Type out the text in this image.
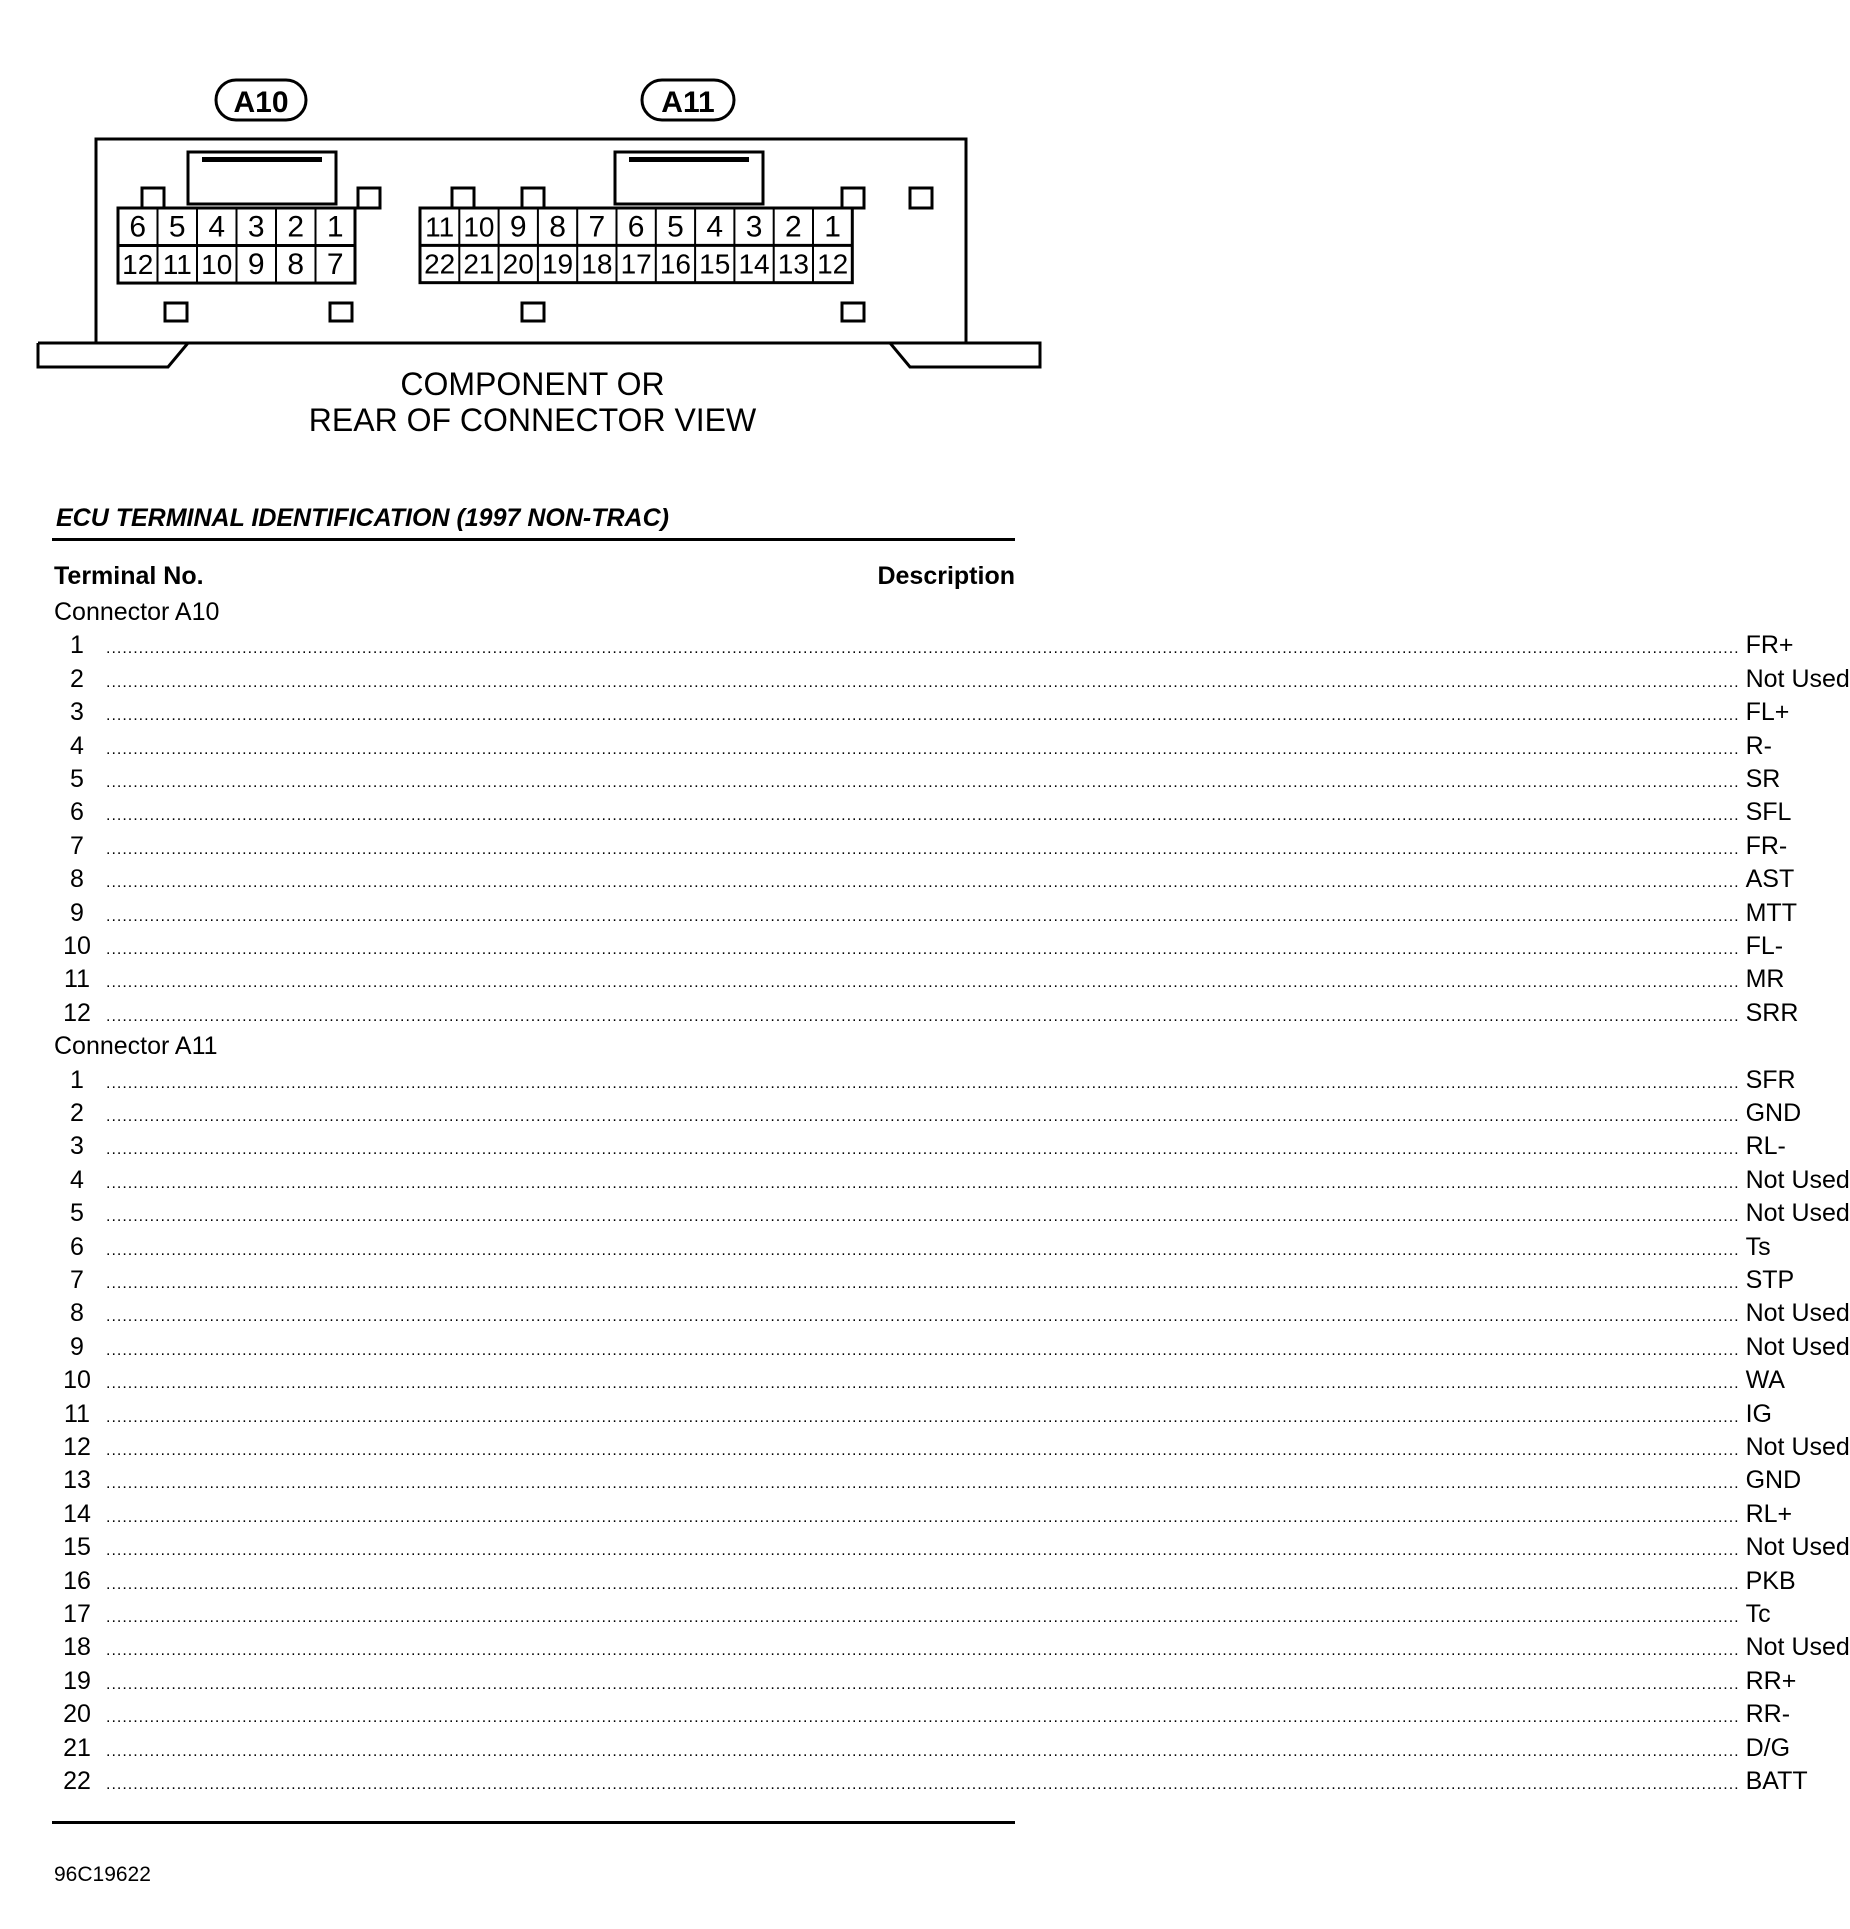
6 5 4 3 2 1
12 11 10 9 8 7
A10
11 10 9 8 7 6 5 4 3 2 1
22 21 20 19 18 17 16 15 14 13 12
A11
COMPONENT OR
REAR OF CONNECTOR VIEW
ECU TERMINAL IDENTIFICATION (1997 NON-TRAC)
Terminal No.	Description
Connector A10
1	............................................................................................................................................................................................................................................................................................................ FR+
2	............................................................................................................................................................................................................................................................................................................ Not Used
3	............................................................................................................................................................................................................................................................................................................ FL+
4	............................................................................................................................................................................................................................................................................................................ R-
5	............................................................................................................................................................................................................................................................................................................ SR
6	............................................................................................................................................................................................................................................................................................................ SFL
7	............................................................................................................................................................................................................................................................................................................ FR-
8	............................................................................................................................................................................................................................................................................................................ AST
9	............................................................................................................................................................................................................................................................................................................ MTT
10 ............................................................................................................................................................................................................................................................................................................ FL-
11	............................................................................................................................................................................................................................................................................................................ MR
12 ............................................................................................................................................................................................................................................................................................................ SRR
Connector A11
1	............................................................................................................................................................................................................................................................................................................ SFR
2	............................................................................................................................................................................................................................................................................................................ GND
3	............................................................................................................................................................................................................................................................................................................ RL-
4	............................................................................................................................................................................................................................................................................................................ Not Used
5	............................................................................................................................................................................................................................................................................................................ Not Used
6	............................................................................................................................................................................................................................................................................................................ Ts
7	............................................................................................................................................................................................................................................................................................................ STP
8	............................................................................................................................................................................................................................................................................................................ Not Used
9	............................................................................................................................................................................................................................................................................................................ Not Used
10 ............................................................................................................................................................................................................................................................................................................ WA
11	............................................................................................................................................................................................................................................................................................................ IG
12 ............................................................................................................................................................................................................................................................................................................ Not Used
13 ............................................................................................................................................................................................................................................................................................................ GND
14 ............................................................................................................................................................................................................................................................................................................ RL+
15 ............................................................................................................................................................................................................................................................................................................ Not Used
16 ............................................................................................................................................................................................................................................................................................................ PKB
17 ............................................................................................................................................................................................................................................................................................................ Tc
18 ............................................................................................................................................................................................................................................................................................................ Not Used
19 ............................................................................................................................................................................................................................................................................................................ RR+
20 ............................................................................................................................................................................................................................................................................................................ RR-
21 ............................................................................................................................................................................................................................................................................................................ D/G
22 ............................................................................................................................................................................................................................................................................................................ BATT
96C19622
